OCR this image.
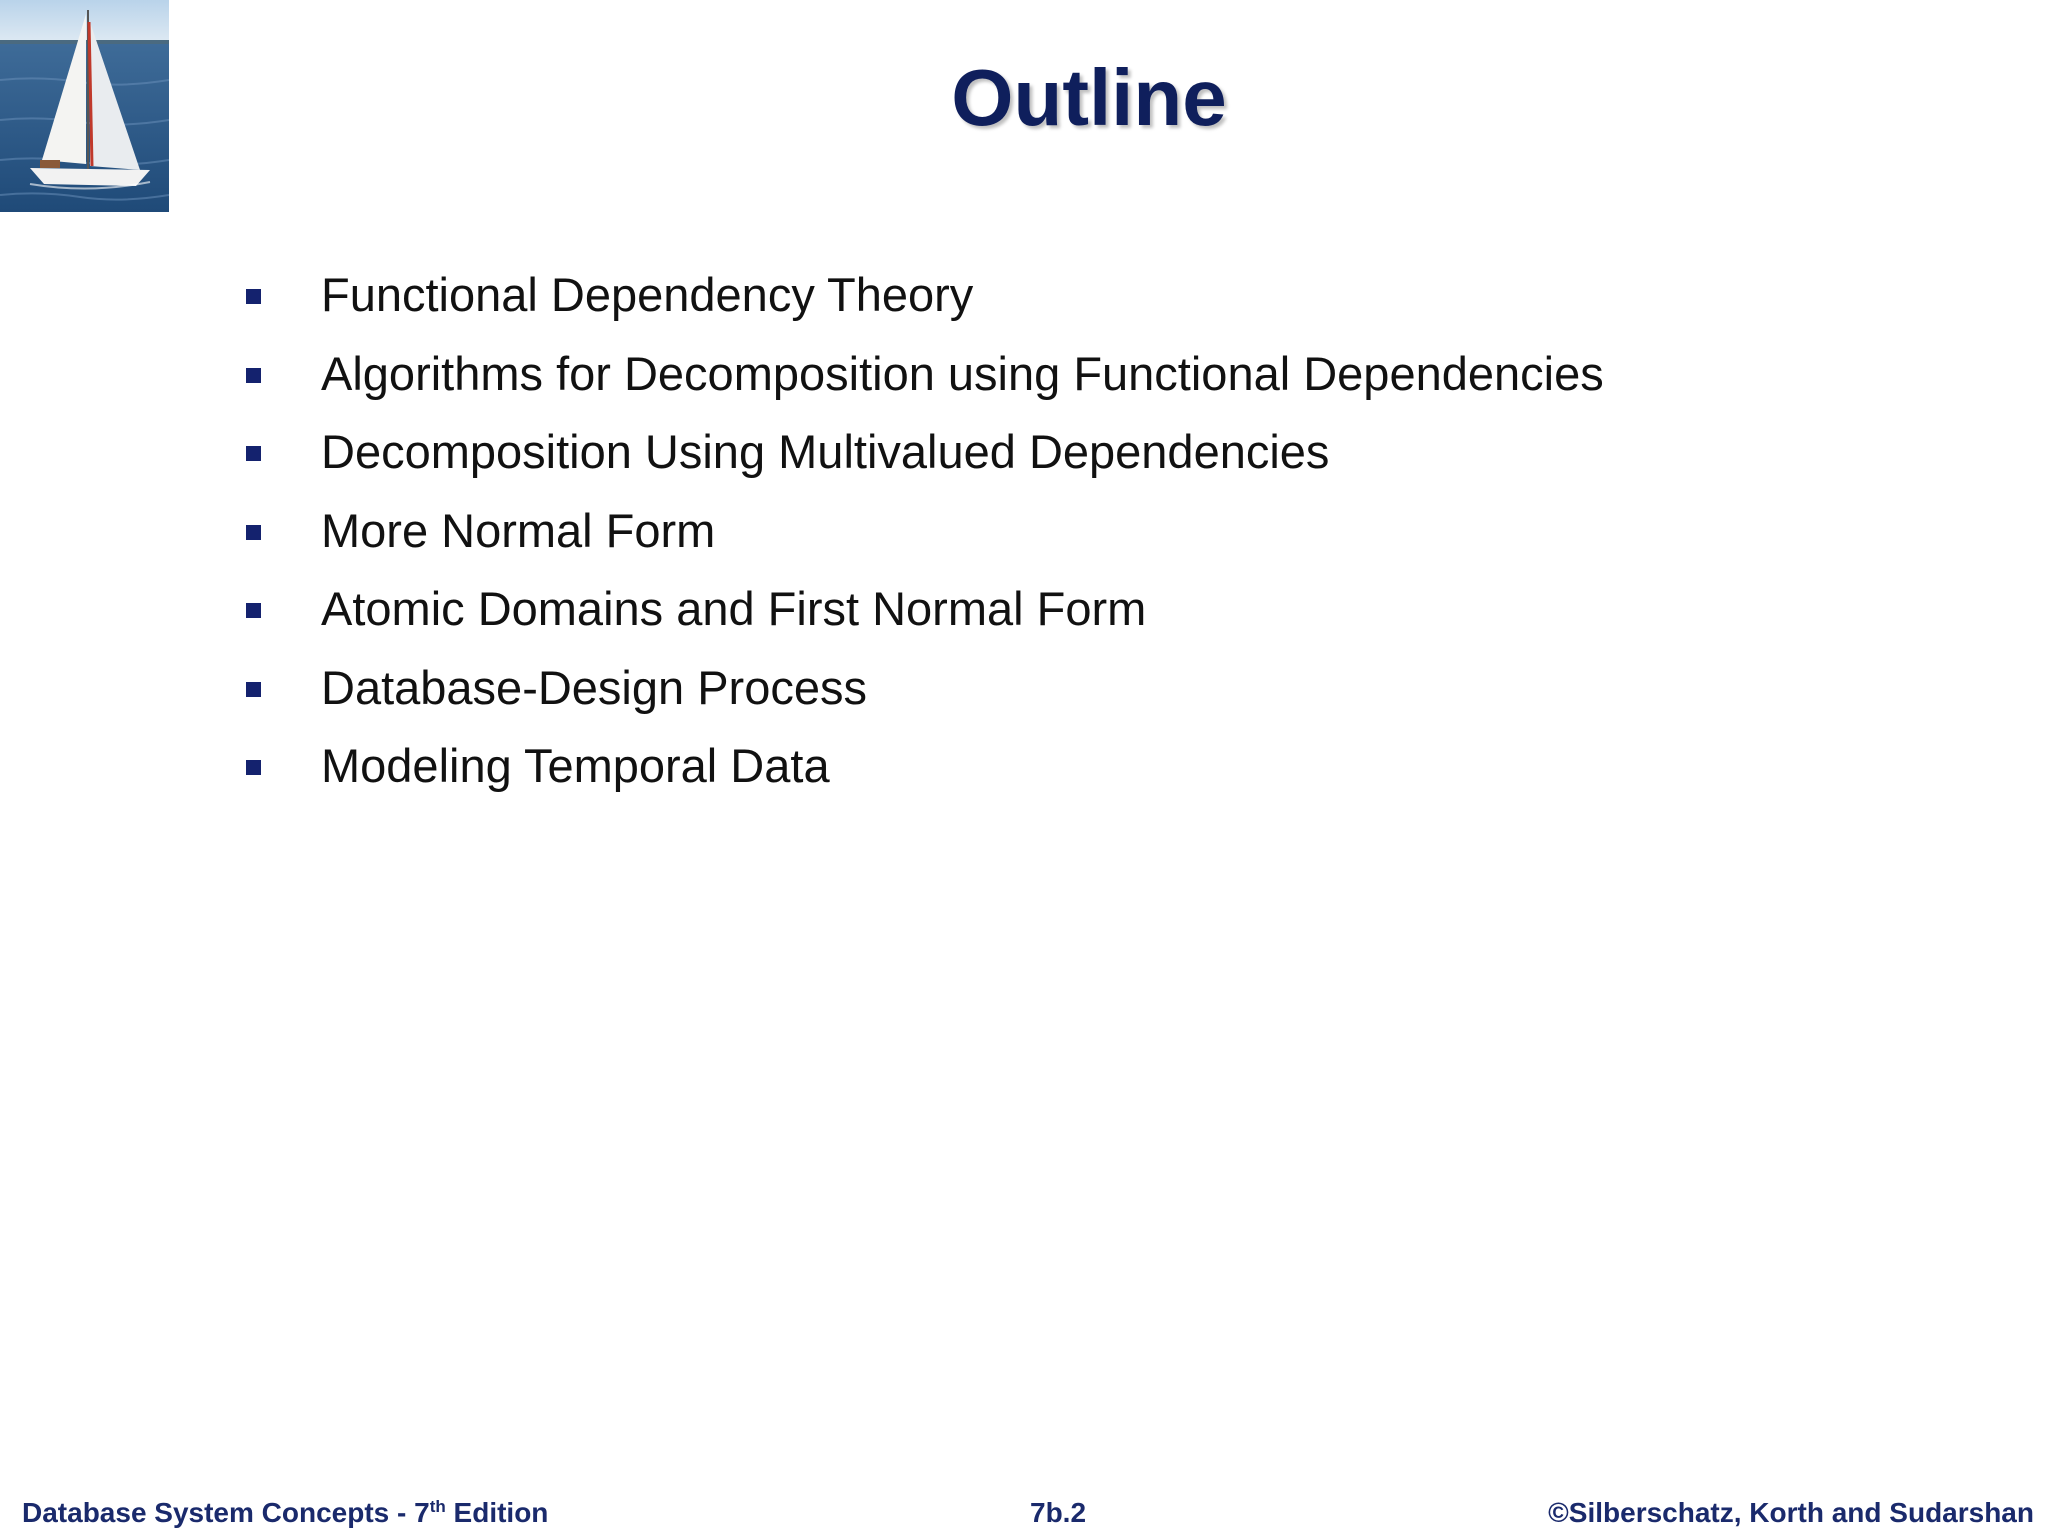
Outline
Functional Dependency Theory
Algorithms for Decomposition using Functional Dependencies
Decomposition Using Multivalued Dependencies
More Normal Form
Atomic Domains and First Normal Form
Database-Design Process
Modeling Temporal Data
Database System Concepts - 7th Edition	7b.2	©Silberschatz, Korth and Sudarshan
